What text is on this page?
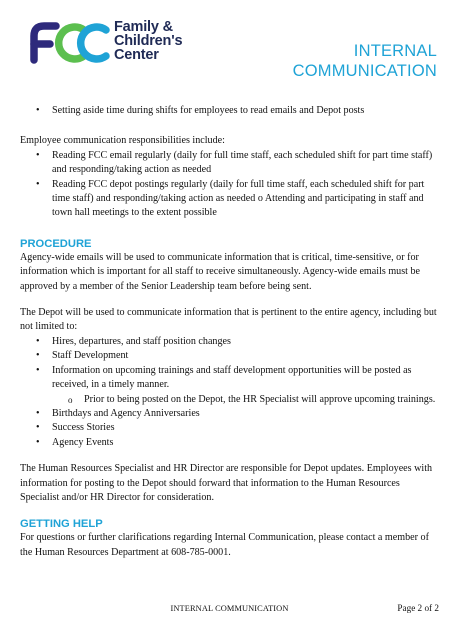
Family &
Children's
Center	INTERNAL
COMMUNICATION
• Setting aside time during shifts for employees to read emails and Depot posts

Employee communication responsibilities include:

• Reading FCC email regularly (daily for full time staff, each scheduled shift for part time staff) and responding/taking action as needed
• Reading FCC depot postings regularly (daily for full time staff, each scheduled shift for part time staff) and responding/taking action as needed o Attending and participating in staff and town hall meetings to the extent possible
PROCEDURE

Agency-wide emails will be used to communicate information that is critical, time-sensitive, or for information which is important for all staff to receive simultaneously. Agency-wide emails must be approved by a member of the Senior Leadership team before being sent.

The Depot will be used to communicate information that is pertinent to the entire agency, including but not limited to:

• Hires, departures, and staff position changes
• Staff Development
• Information on upcoming trainings and staff development opportunities will be posted as received, in a timely manner.
o Prior to being posted on the Depot, the HR Specialist will approve upcoming trainings.
• Birthdays and Agency Anniversaries
• Success Stories
• Agency Events

The Human Resources Specialist and HR Director are responsible for Depot updates. Employees with information for posting to the Depot should forward that information to the Human Resources Specialist and/or HR Director for consideration.

GETTING HELP

For questions or further clarifications regarding Internal Communication, please contact a member of the Human Resources Department at 608-785-0001.

INTERNAL COMMUNICATION	Page 2 of 2
